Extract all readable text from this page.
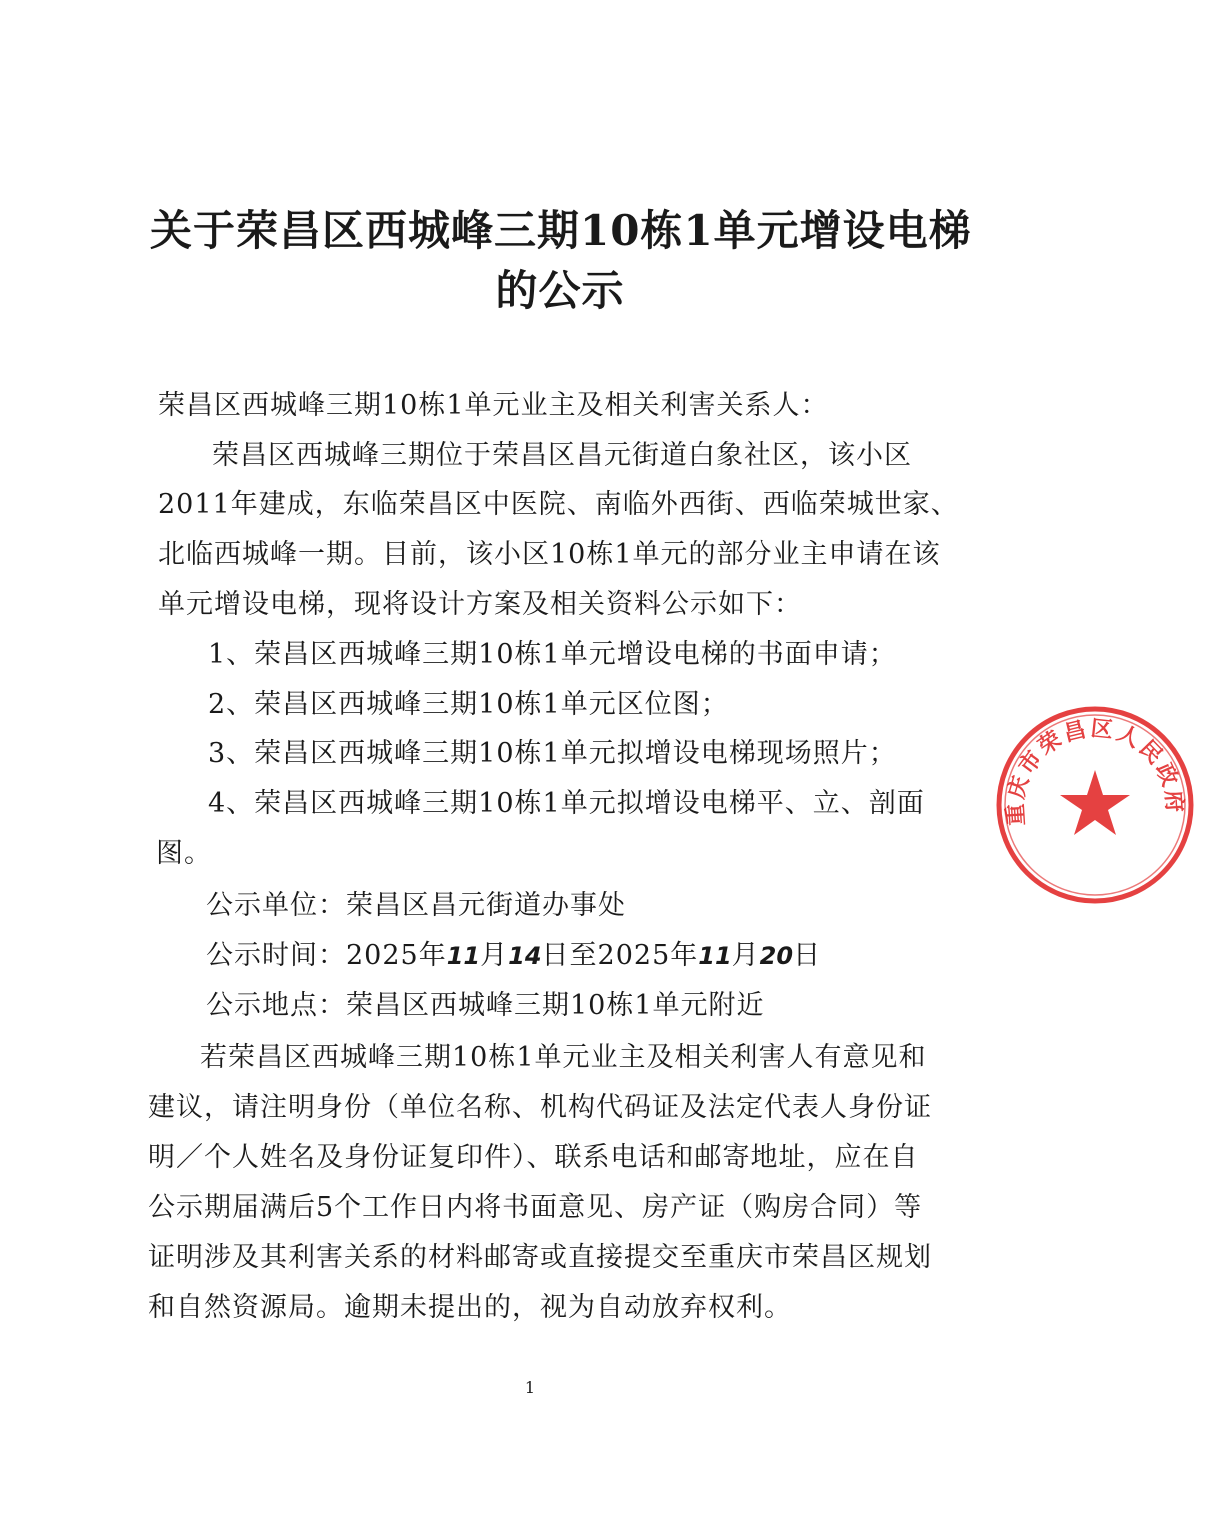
关于荣昌区西城峰三期10栋1单元增设电梯
的公示
荣昌区西城峰三期10栋1单元业主及相关利害关系人：
荣昌区西城峰三期位于荣昌区昌元街道白象社区，该小区
2011年建成，东临荣昌区中医院、南临外西街、西临荣城世家、
北临西城峰一期。目前，该小区10栋1单元的部分业主申请在该
单元增设电梯，现将设计方案及相关资料公示如下：
1、荣昌区西城峰三期10栋1单元增设电梯的书面申请；
2、荣昌区西城峰三期10栋1单元区位图；
3、荣昌区西城峰三期10栋1单元拟增设电梯现场照片；
4、荣昌区西城峰三期10栋1单元拟增设电梯平、立、剖面
图。
公示单位：荣昌区昌元街道办事处
公示时间：2025年11月14日至2025年11月20日
公示地点：荣昌区西城峰三期10栋1单元附近
若荣昌区西城峰三期10栋1单元业主及相关利害人有意见和
建议，请注明身份（单位名称、机构代码证及法定代表人身份证
明／个人姓名及身份证复印件）、联系电话和邮寄地址，应在自
公示期届满后5个工作日内将书面意见、房产证（购房合同）等
证明涉及其利害关系的材料邮寄或直接提交至重庆市荣昌区规划
和自然资源局。逾期未提出的，视为自动放弃权利。
1
重庆市荣昌区人民政府
